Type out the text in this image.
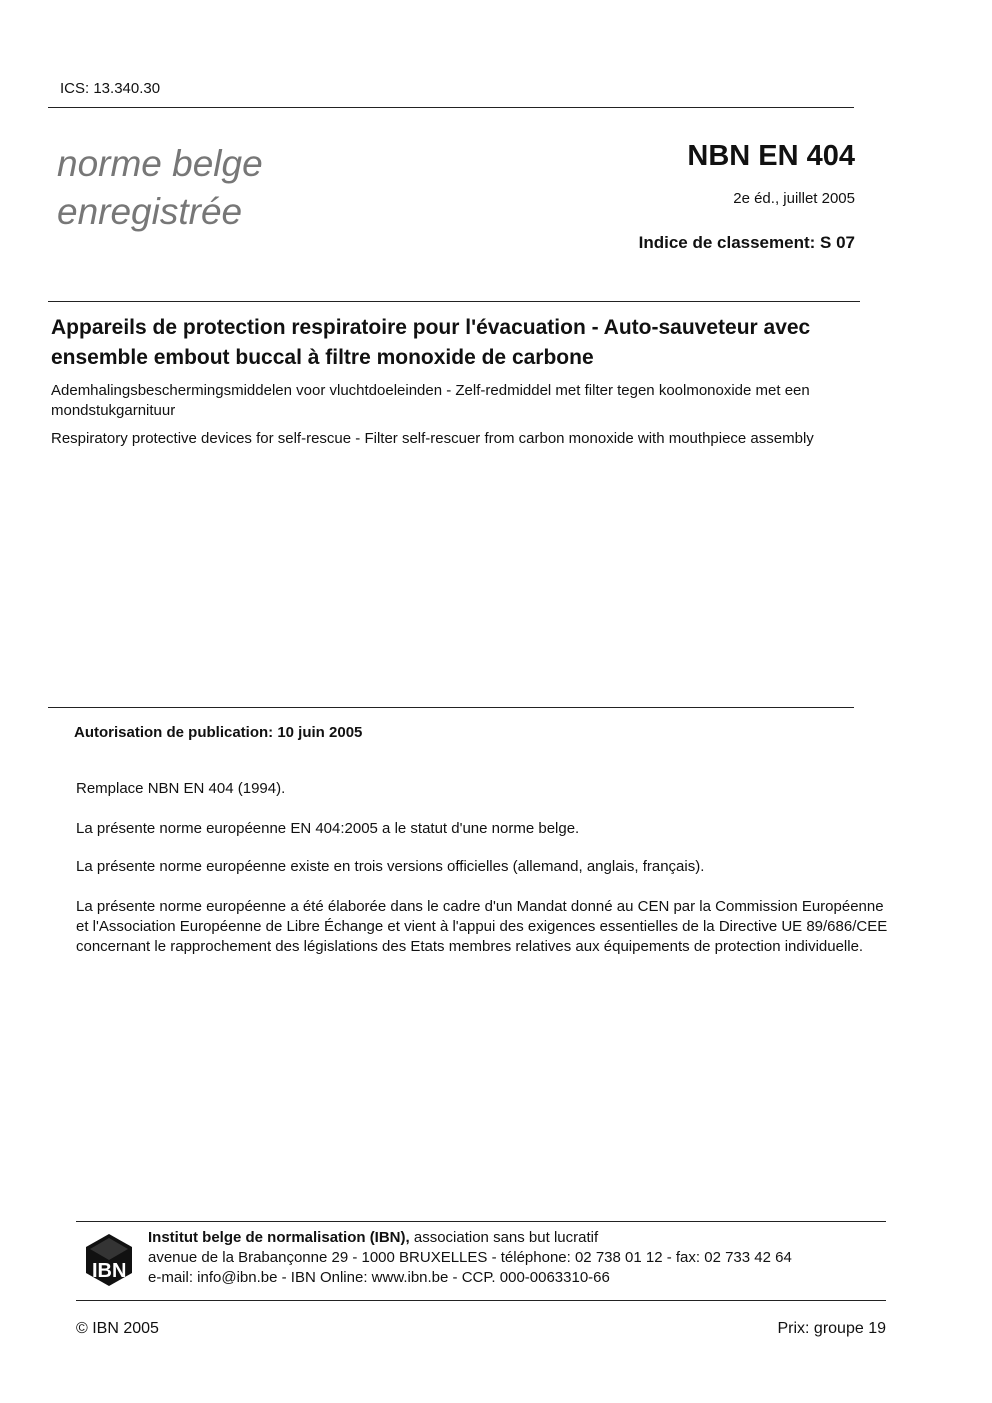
ICS: 13.340.30
norme belge
enregistrée
NBN EN 404
2e éd., juillet 2005
Indice de classement: S 07
Appareils de protection respiratoire pour l'évacuation - Auto-sauveteur avec ensemble embout buccal à filtre monoxide de carbone
Ademhalingsbeschermingsmiddelen voor vluchtdoeleinden - Zelf-redmiddel met filter tegen koolmonoxide met een mondstukgarnituur
Respiratory protective devices for self-rescue - Filter self-rescuer from carbon monoxide with mouthpiece assembly
Autorisation de publication: 10 juin 2005
Remplace NBN EN 404 (1994).
La présente norme européenne EN 404:2005 a le statut d'une norme belge.
La présente norme européenne existe en trois versions officielles (allemand, anglais, français).
La présente norme européenne a été élaborée dans le cadre d'un Mandat donné au CEN par la Commission Européenne et l'Association Européenne de Libre Échange et vient à l'appui des exigences essentielles de la Directive UE 89/686/CEE concernant le rapprochement des législations des Etats membres relatives aux équipements de protection individuelle.
IBN
Institut belge de normalisation (IBN), association sans but lucratif
avenue de la Brabançonne 29 - 1000 BRUXELLES - téléphone: 02 738 01 12 - fax: 02 733 42 64
e-mail: info@ibn.be - IBN Online: www.ibn.be - CCP. 000-0063310-66
© IBN 2005	Prix: groupe 19
